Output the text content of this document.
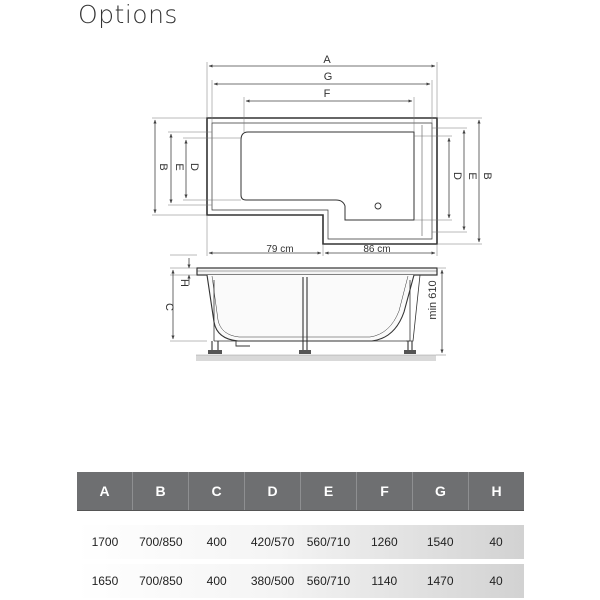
Options
A
G
F
B E D
D E B
79 cm	86 cm
H
C	min 610
A	B	C	D	E	F	G	H
1700	700/850	400	420/570	560/710	1260	1540	40
1650	700/850	400	380/500	560/710	1140	1470	40
